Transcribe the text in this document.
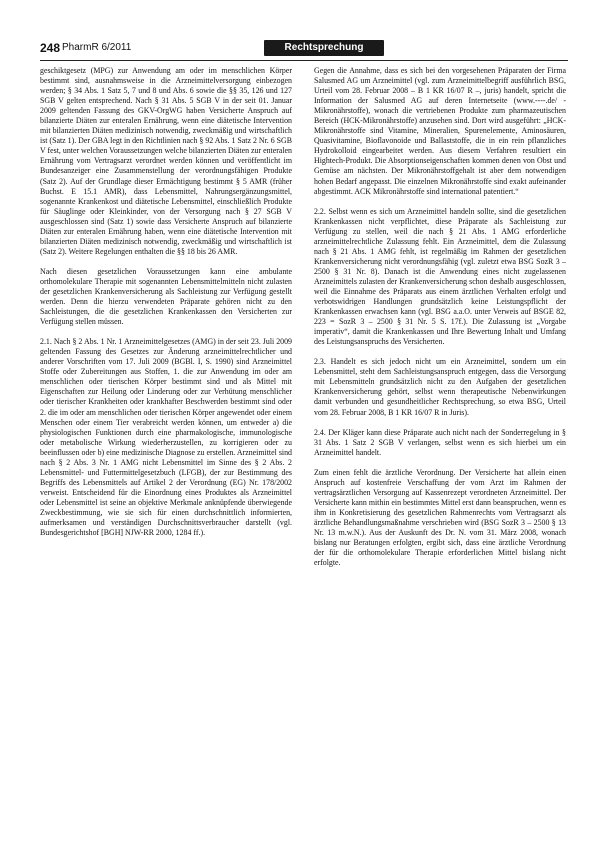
248 PharmR 6/2011	Rechtsprechung

geschiktgesetz (MPG) zur Anwendung am oder im menschlichen Körper bestimmt sind, ausnahmsweise in die Arzneimittelversorgung einbezogen werden; § 34 Abs. 1 Satz 5, 7 und 8 und Abs. 6 sowie die §§ 35, 126 und 127 SGB V gelten entsprechend. Nach § 31 Abs. 5 SGB V in der seit 01. Januar 2009 geltenden Fassung des GKV-OrgWG haben Versicherte Anspruch auf bilanzierte Diäten zur enteralen Ernährung, wenn eine diätetische Intervention mit bilanzierten Diäten medizinisch notwendig, zweckmäßig und wirtschaftlich ist (Satz 1). Der GBA legt in den Richtlinien nach § 92 Abs. 1 Satz 2 Nr. 6 SGB V fest, unter welchen Voraussetzungen welche bilanzierten Diäten zur enteralen Ernährung vom Vertragsarzt verordnet werden können und veröffentlicht im Bundesanzeiger eine Zusammenstellung der verordnungsfähigen Produkte (Satz 2). Auf der Grundlage dieser Ermächtigung bestimmt § 5 AMR (früher Buchst. E 15.1 AMR), dass Lebensmittel, Nahrungsergänzungsmittel, sogenannte Krankenkost und diätetische Lebensmittel, einschließlich Produkte für Säuglinge oder Kleinkinder, von der Versorgung nach § 27 SGB V ausgeschlossen sind (Satz 1) sowie dass Versicherte Anspruch auf bilanzierte Diäten zur enteralen Ernährung haben, wenn eine diätetische Intervention mit bilanzierten Diäten medizinisch notwendig, zweckmäßig und wirtschaftlich ist (Satz 2). Weitere Regelungen enthalten die §§ 18 bis 26 AMR.

Nach diesen gesetzlichen Voraussetzungen kann eine ambulante orthomolekulare Therapie mit sogenannten Lebensmittelmitteln nicht zulasten der gesetzlichen Krankenversicherung als Sachleistung zur Verfügung gestellt werden. Denn die hierzu verwendeten Präparate gehören nicht zu den Sachleistungen, die die gesetzlichen Krankenkassen den Versicherten zur Verfügung stellen müssen.

2.1. Nach § 2 Abs. 1 Nr. 1 Arzneimittelgesetzes (AMG) in der seit 23. Juli 2009 geltenden Fassung des Gesetzes zur Änderung arzneimittelrechtlicher und anderer Vorschriften vom 17. Juli 2009 (BGBl. I, S. 1990) sind Arzneimittel Stoffe oder Zubereitungen aus Stoffen, 1. die zur Anwendung im oder am menschlichen oder tierischen Körper bestimmt sind und als Mittel mit Eigenschaften zur Heilung oder Linderung oder zur Verhütung menschlicher oder tierischer Krankheiten oder krankhafter Beschwerden bestimmt sind oder 2. die im oder am menschlichen oder tierischen Körper angewendet oder einem Menschen oder einem Tier verabreicht werden können, um entweder a) die physiologischen Funktionen durch eine pharmakologische, immunologische oder metabolische Wirkung wiederherzustellen, zu korrigieren oder zu beeinflussen oder b) eine medizinische Diagnose zu erstellen. Arzneimittel sind nach § 2 Abs. 3 Nr. 1 AMG nicht Lebensmittel im Sinne des § 2 Abs. 2 Lebensmittel- und Futtermittelgesetzbuch (LFGB), der zur Bestimmung des Begriffs des Lebensmittels auf Artikel 2 der Verordnung (EG) Nr. 178/2002 verweist. Entscheidend für die Einordnung eines Produktes als Arzneimittel oder Lebensmittel ist seine an objektive Merkmale anknüpfende überwiegende Zweckbestimmung, wie sie sich für einen durchschnittlich informierten, aufmerksamen und verständigen Durchschnittsverbraucher darstellt (vgl. Bundesgerichtshof [BGH] NJW-RR 2000, 1284 ff.).

Gegen die Annahme, dass es sich bei den vorgesehenen Präparaten der Firma Salusmed AG um Arzneimittel (vgl. zum Arzneimittelbegriff ausführlich BSG, Urteil vom 28. Februar 2008 – B 1 KR 16/07 R –, juris) handelt, spricht die Information der Salusmed AG auf deren Internetseite (www.----.de/ - Mikronährstoffe), wonach die vertriebenen Produkte zum pharmazeutischen Bereich (HCK-Mikronährstoffe) anzusehen sind. Dort wird ausgeführt: „HCK-Mikronährstoffe sind Vitamine, Mineralien, Spurenelemente, Aminosäuren, Quasivitamine, Bioflavonoide und Ballaststoffe, die in ein rein pflanzliches Hydrokolloid eingearbeitet werden. Aus diesem Verfahren resultiert ein Hightech-Produkt. Die Absorptionseigenschaften kommen denen von Obst und Gemüse am nächsten. Der Mikronährstoffgehalt ist aber dem notwendigen hohen Bedarf angepasst. Die einzelnen Mikronährstoffe sind exakt aufeinander abgestimmt. ACK Mikronährstoffe sind international patentiert.“

2.2. Selbst wenn es sich um Arzneimittel handeln sollte, sind die gesetzlichen Krankenkassen nicht verpflichtet, diese Präparate als Sachleistung zur Verfügung zu stellen, weil die nach § 21 Abs. 1 AMG erforderliche arzneimittelrechtliche Zulassung fehlt. Ein Arzneimittel, dem die Zulassung nach § 21 Abs. 1 AMG fehlt, ist regelmäßig im Rahmen der gesetzlichen Krankenversicherung nicht verordnungsfähig (vgl. zuletzt etwa BSG SozR 3 – 2500 § 31 Nr. 8). Danach ist die Anwendung eines nicht zugelassenen Arzneimittels zulasten der Krankenversicherung schon deshalb ausgeschlossen, weil die Einnahme des Präparats aus einem ärztlichen Verhalten erfolgt und verbotswidrigen Handlungen grundsätzlich keine Leistungspflicht der Krankenkassen erwachsen kann (vgl. BSG a.a.O. unter Verweis auf BSGE 82, 223 = SozR 3 – 2500 § 31 Nr. 5 S. 17f.). Die Zulassung ist „Vorgabe imperativ“, damit die Krankenkassen und Ihre Bewertung Inhalt und Umfang des Leistungsanspruchs des Versicherten.

2.3. Handelt es sich jedoch nicht um ein Arzneimittel, sondern um ein Lebensmittel, steht dem Sachleistungsanspruch entgegen, dass die Versorgung mit Lebensmitteln grundsätzlich nicht zu den Aufgaben der gesetzlichen Krankenversicherung gehört, selbst wenn therapeutische Nebenwirkungen damit verbunden und gesundheitlicher Rechtsprechung, so etwa BSG, Urteil vom 28. Februar 2008, B 1 KR 16/07 R in Juris).

2.4. Der Kläger kann diese Präparate auch nicht nach der Sonderregelung in § 31 Abs. 1 Satz 2 SGB V verlangen, selbst wenn es sich hierbei um ein Arzneimittel handelt.

Zum einen fehlt die ärztliche Verordnung. Der Versicherte hat allein einen Anspruch auf kostenfreie Verschaffung der vom Arzt im Rahmen der vertragsärztlichen Versorgung auf Kassenrezept verordneten Arzneimittel. Der Versicherte kann mithin ein bestimmtes Mittel erst dann beanspruchen, wenn es ihm in Konkretisierung des gesetzlichen Rahmenrechts vom Vertragsarzt als ärztliche Behandlungsmaßnahme verschrieben wird (BSG SozR 3 – 2500 § 13 Nr. 13 m.w.N.). Aus der Auskunft des Dr. N. vom 31. März 2008, wonach bislang nur Beratungen erfolgten, ergibt sich, dass eine ärztliche Verordnung der für die orthomolekulare Therapie erforderlichen Mittel bislang nicht erfolgte.
